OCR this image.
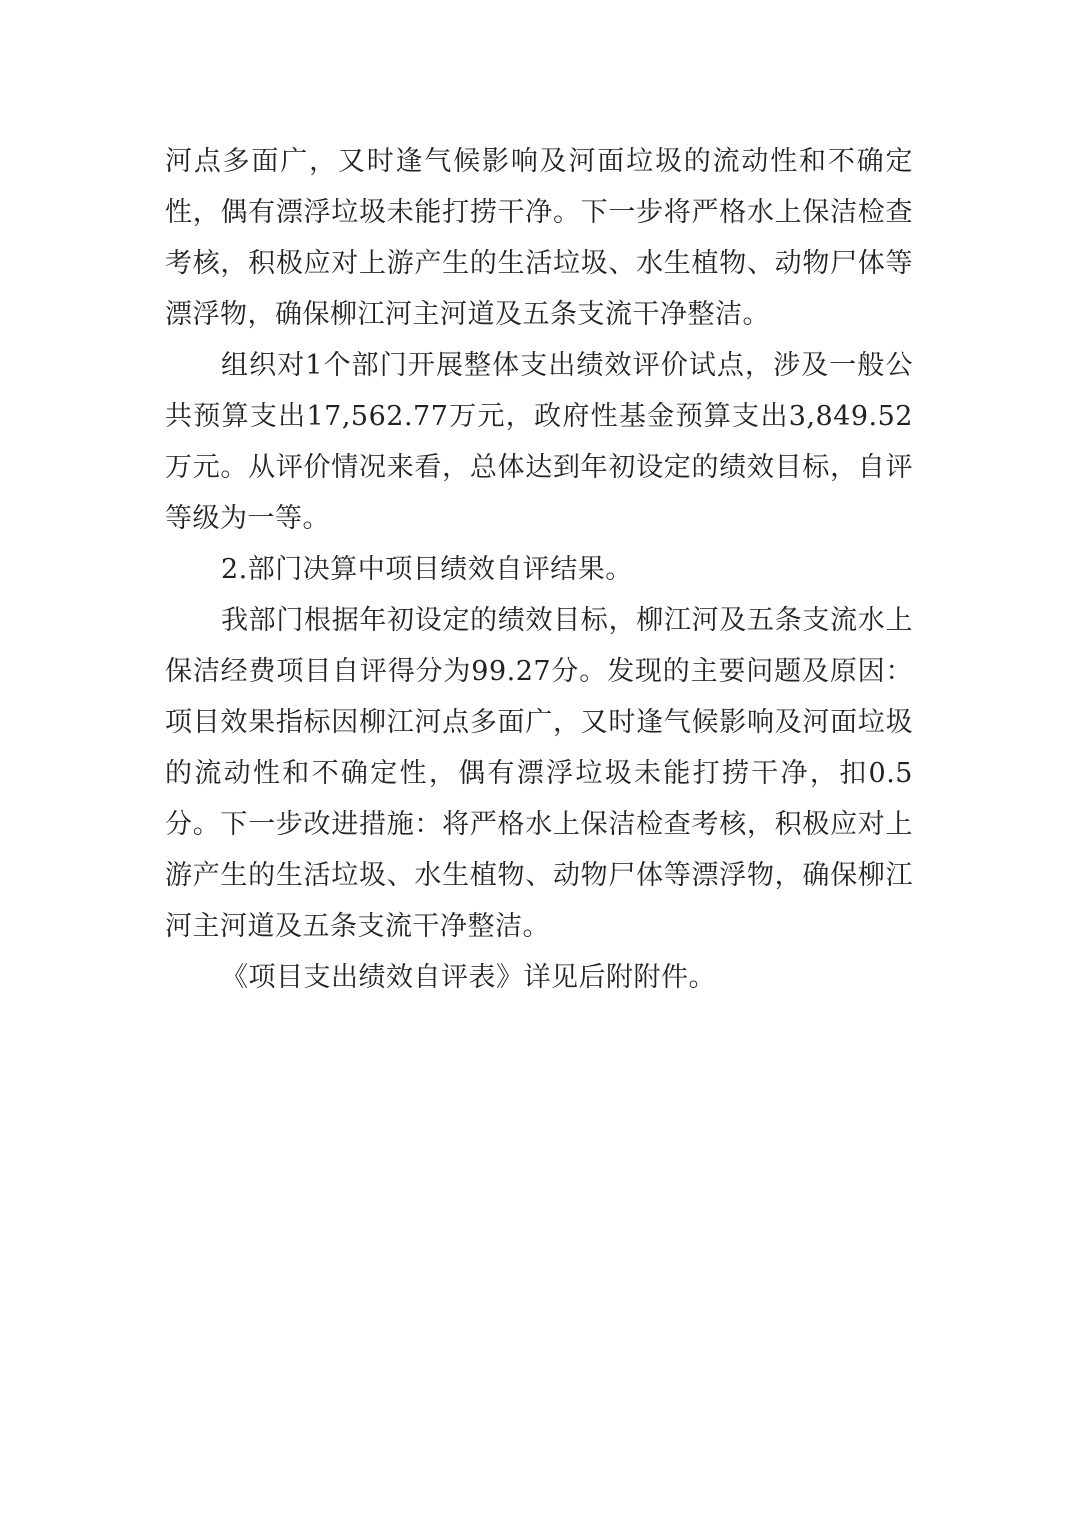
河点多面广，又时逢气候影响及河面垃圾的流动性和不确定性，偶有漂浮垃圾未能打捞干净。下一步将严格水上保洁检查考核，积极应对上游产生的生活垃圾、水生植物、动物尸体等漂浮物，确保柳江河主河道及五条支流干净整洁。

组织对1个部门开展整体支出绩效评价试点，涉及一般公共预算支出17,562.77万元，政府性基金预算支出3,849.52万元。从评价情况来看，总体达到年初设定的绩效目标，自评等级为一等。

2.部门决算中项目绩效自评结果。

我部门根据年初设定的绩效目标，柳江河及五条支流水上保洁经费项目自评得分为99.27分。发现的主要问题及原因：项目效果指标因柳江河点多面广，又时逢气候影响及河面垃圾的流动性和不确定性，偶有漂浮垃圾未能打捞干净，扣0.5分。下一步改进措施：将严格水上保洁检查考核，积极应对上游产生的生活垃圾、水生植物、动物尸体等漂浮物，确保柳江河主河道及五条支流干净整洁。

《项目支出绩效自评表》详见后附附件。
